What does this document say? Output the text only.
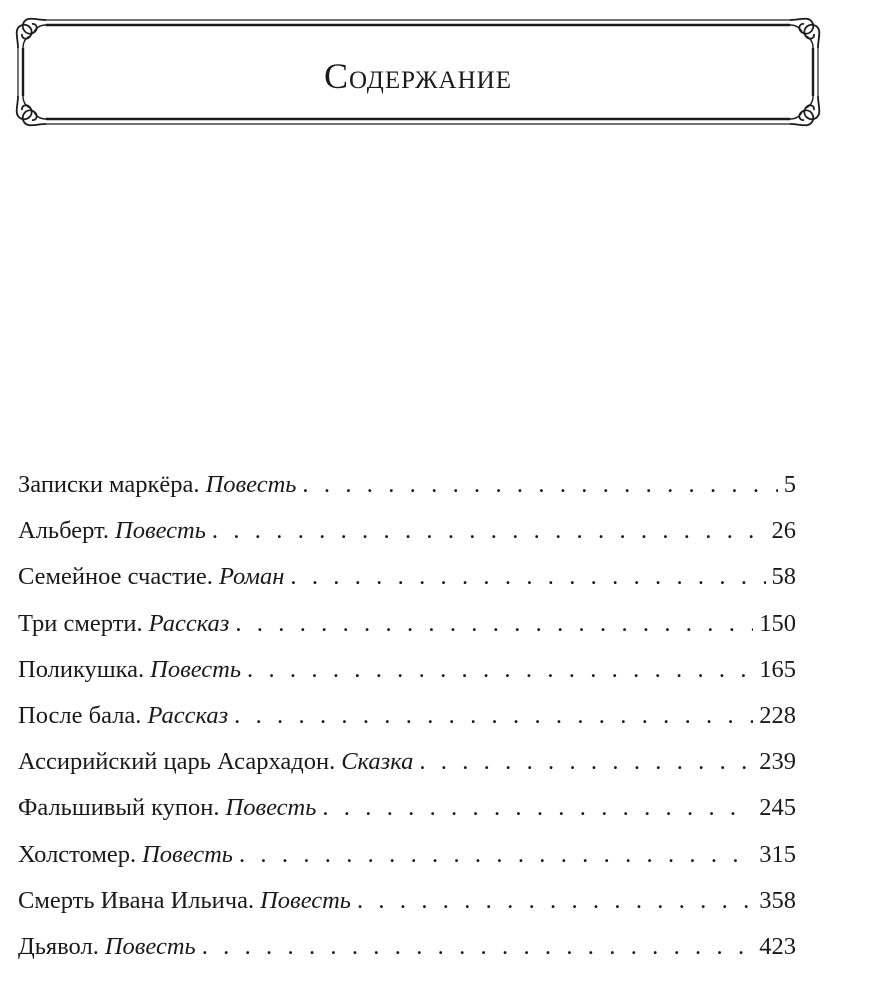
Содержание
Записки маркёра. Повесть . . .	5
Альберт. Повесть . . .	26
Семейное счастие. Роман . . .	58
Три смерти. Рассказ . . .	150
Поликушка. Повесть . . .	165
После бала. Рассказ . . .	228
Ассирийский царь Асархадон. Сказка . . .	239
Фальшивый купон. Повесть . . .	245
Холстомер. Повесть . . .	315
Смерть Ивана Ильича. Повесть . . .	358
Дьявол. Повесть . . .	423
